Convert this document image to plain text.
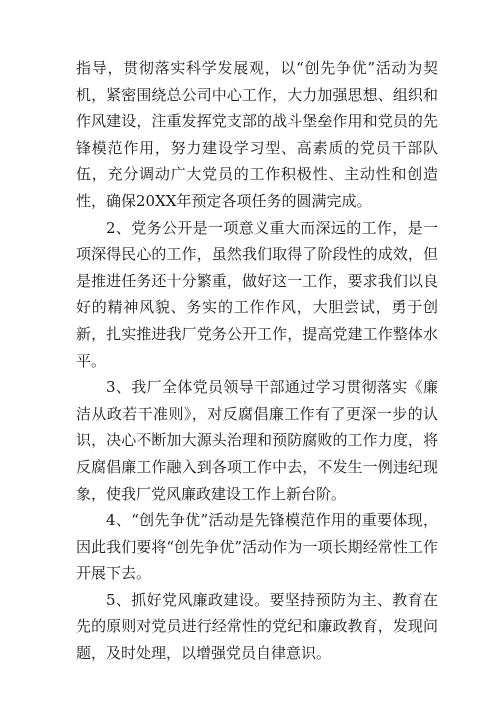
指导，贯彻落实科学发展观，以“创先争优”活动为契机，紧密围绕总公司中心工作，大力加强思想、组织和作风建设，注重发挥党支部的战斗堡垒作用和党员的先锋模范作用，努力建设学习型、高素质的党员干部队伍，充分调动广大党员的工作积极性、主动性和创造性，确保20XX年预定各项任务的圆满完成。

2、党务公开是一项意义重大而深远的工作，是一项深得民心的工作，虽然我们取得了阶段性的成效，但是推进任务还十分繁重，做好这一工作，要求我们以良好的精神风貌、务实的工作作风，大胆尝试，勇于创新，扎实推进我厂党务公开工作，提高党建工作整体水平。

3、我厂全体党员领导干部通过学习贯彻落实《廉洁从政若干准则》，对反腐倡廉工作有了更深一步的认识，决心不断加大源头治理和预防腐败的工作力度，将反腐倡廉工作融入到各项工作中去，不发生一例违纪现象，使我厂党风廉政建设工作上新台阶。

4、“创先争优”活动是先锋模范作用的重要体现，因此我们要将“创先争优”活动作为一项长期经常性工作开展下去。

5、抓好党风廉政建设。要坚持预防为主、教育在先的原则对党员进行经常性的党纪和廉政教育，发现问题，及时处理，以增强党员自律意识。
